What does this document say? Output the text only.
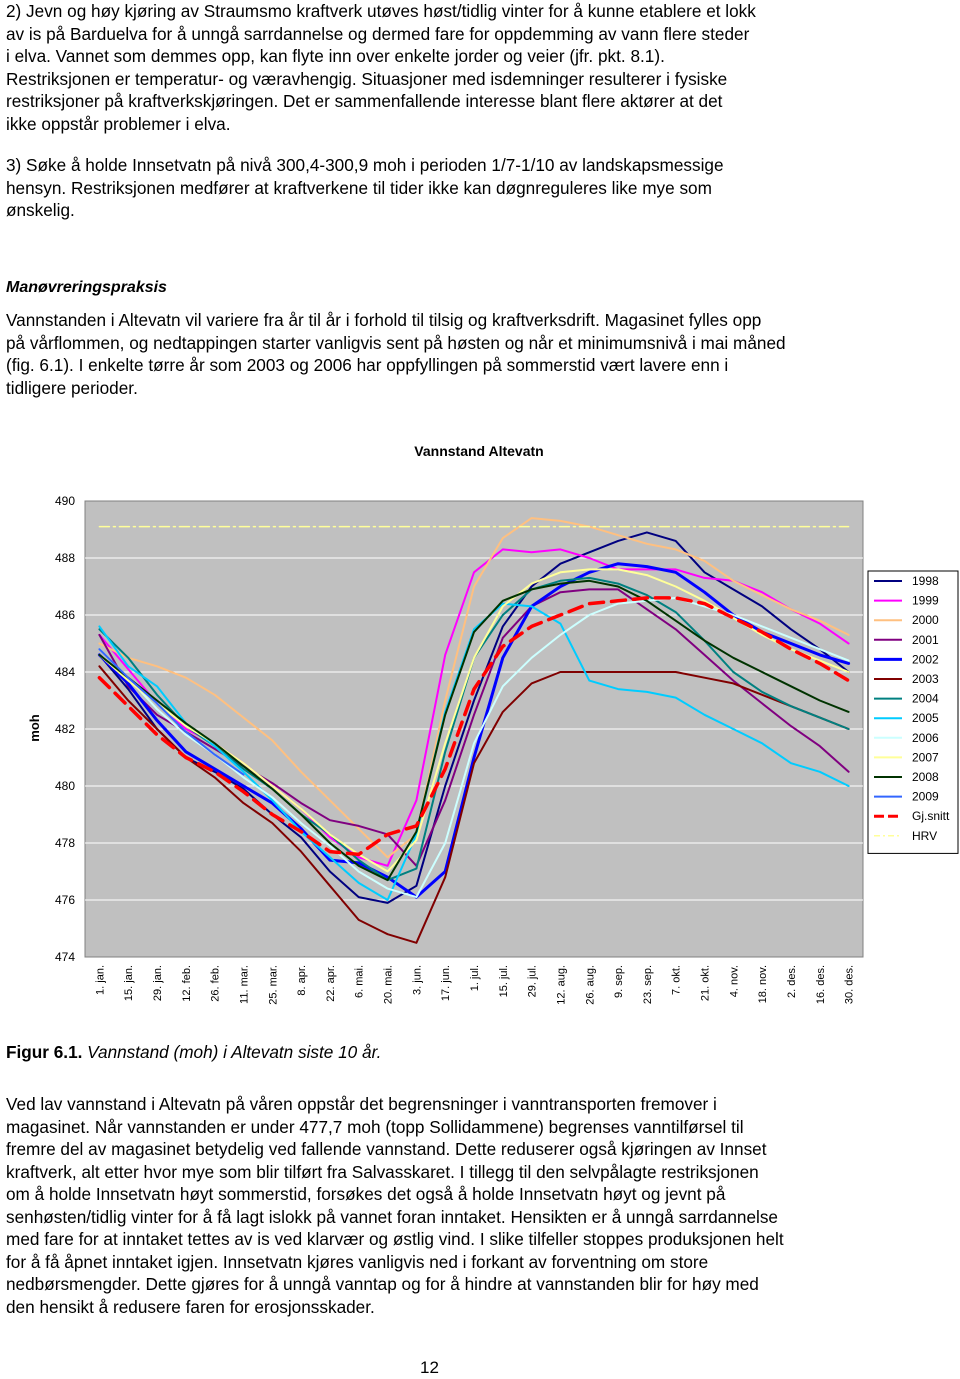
2) Jevn og høy kjøring av Straumsmo kraftverk utøves høst/tidlig vinter for å kunne etablere et lokk
av is på Barduelva for å unngå sarrdannelse og dermed fare for oppdemming av vann flere steder
i elva. Vannet som demmes opp, kan flyte inn over enkelte jorder og veier (jfr. pkt. 8.1).
Restriksjonen er temperatur- og væravhengig. Situasjoner med isdemninger resulterer i fysiske
restriksjoner på kraftverkskjøringen. Det er sammenfallende interesse blant flere aktører at det
ikke oppstår problemer i elva.
3) Søke å holde Innsetvatn på nivå 300,4-300,9 moh i perioden 1/7-1/10 av landskapsmessige
hensyn. Restriksjonen medfører at kraftverkene til tider ikke kan døgnreguleres like mye som
ønskelig.
Manøvreringspraksis
Vannstanden i Altevatn vil variere fra år til år i forhold til tilsig og kraftverksdrift. Magasinet fylles opp
på vårflommen, og nedtappingen starter vanligvis sent på høsten og når et minimumsnivå i mai måned
(fig. 6.1). I enkelte tørre år som 2003 og 2006 har oppfyllingen på sommerstid vært lavere enn i
tidligere perioder.
Vannstand Altevatn
moh
474
476
478
480
482
484
486
488
490
1. jan. 15. jan. 29. jan. 12. feb. 26. feb. 11. mar. 25. mar. 8. apr. 22. apr. 6. mai. 20. mai. 3. jun. 17. jun. 1. jul. 15. jul. 29. jul. 12. aug. 26. aug. 9. sep. 23. sep. 7. okt. 21. okt. 4. nov. 18. nov. 2. des. 16. des. 30. des.
1998
1999
2000
2001
2002
2003
2004
2005
2006
2007
2008
2009
Gj.snitt
HRV
Figur 6.1. Vannstand (moh) i Altevatn siste 10 år.
Ved lav vannstand i Altevatn på våren oppstår det begrensninger i vanntransporten fremover i
magasinet. Når vannstanden er under 477,7 moh (topp Sollidammene) begrenses vanntilførsel til
fremre del av magasinet betydelig ved fallende vannstand. Dette reduserer også kjøringen av Innset
kraftverk, alt etter hvor mye som blir tilført fra Salvasskaret. I tillegg til den selvpålagte restriksjonen
om å holde Innsetvatn høyt sommerstid, forsøkes det også å holde Innsetvatn høyt og jevnt på
senhøsten/tidlig vinter for å få lagt islokk på vannet foran inntaket. Hensikten er å unngå sarrdannelse
med fare for at inntaket tettes av is ved klarvær og østlig vind. I slike tilfeller stoppes produksjonen helt
for å få åpnet inntaket igjen. Innsetvatn kjøres vanligvis ned i forkant av forventning om store
nedbørsmengder. Dette gjøres for å unngå vanntap og for å hindre at vannstanden blir for høy med
den hensikt å redusere faren for erosjonsskader.
12
